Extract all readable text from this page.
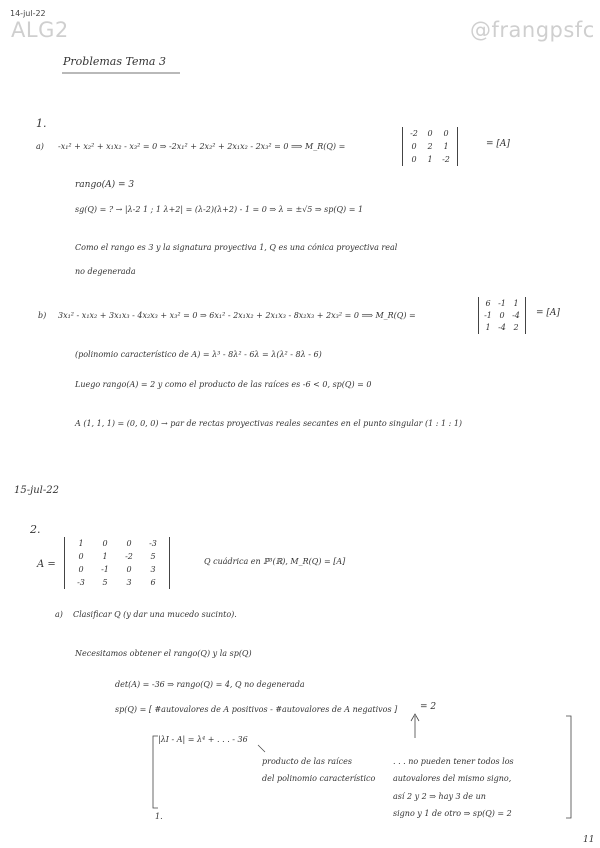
14-jul-22
ALG2	@frangpsfc
Problemas Tema 3
1.
a) -x₁² + x₂² + x₁x₂ - x₃² = 0 ⇒ -2x₁² + 2x₂² + 2x₁x₂ - 2x₃² = 0 ⟹ M_R(Q) =
-2	0	0
0	2	1
0	1	-2
= [A]
rango(A) = 3
sg(Q) = ? → |λ-2 1 ; 1 λ+2| = (λ-2)(λ+2) - 1 = 0 ⇒ λ = ±√5 ⇒ sp(Q) = 1
Como el rango es 3 y la signatura proyectiva 1, Q es una cónica proyectiva real
no degenerada
b) 3x₁² - x₁x₂ + 3x₁x₃ - 4x₂x₃ + x₃² = 0 ⇒ 6x₁² - 2x₁x₂ + 2x₁x₃ - 8x₂x₃ + 2x₃² = 0 ⟹ M_R(Q) =
6 -1 1
-1 0 -4
1 -4 2
= [A]
(polinomio característico de A) = λ³ - 8λ² - 6λ = λ(λ² - 8λ - 6)
Luego rango(A) = 2 y como el producto de las raíces es -6 < 0, sp(Q) = 0
A (1, 1, 1) = (0, 0, 0) → par de rectas proyectivas reales secantes en el punto singular (1 : 1 : 1)
15-jul-22
2.
A =
1	0	0	-3
0	1	-2	5
0	-1	0	3
-3	5	3	6
Q cuádrica en ℙ³(ℝ), M_R(Q) = [A]
a) Clasificar Q (y dar una mucedo sucinto).
Necesitamos obtener el rango(Q) y la sp(Q)
det(A) = -36 ⇒ rango(Q) = 4, Q no degenerada
sp(Q) = [ #autovalores de A positivos - #autovalores de A negativos ]	= 2
|λI - A| = λ⁴ + . . . - 36
producto de las raíces
del polinomio característico
. . . no pueden tener todos los
autovalores del mismo signo,
así 2 y 2 ⇒ hay 3 de un
signo y 1 de otro ⇒ sp(Q) = 2
1.
11
